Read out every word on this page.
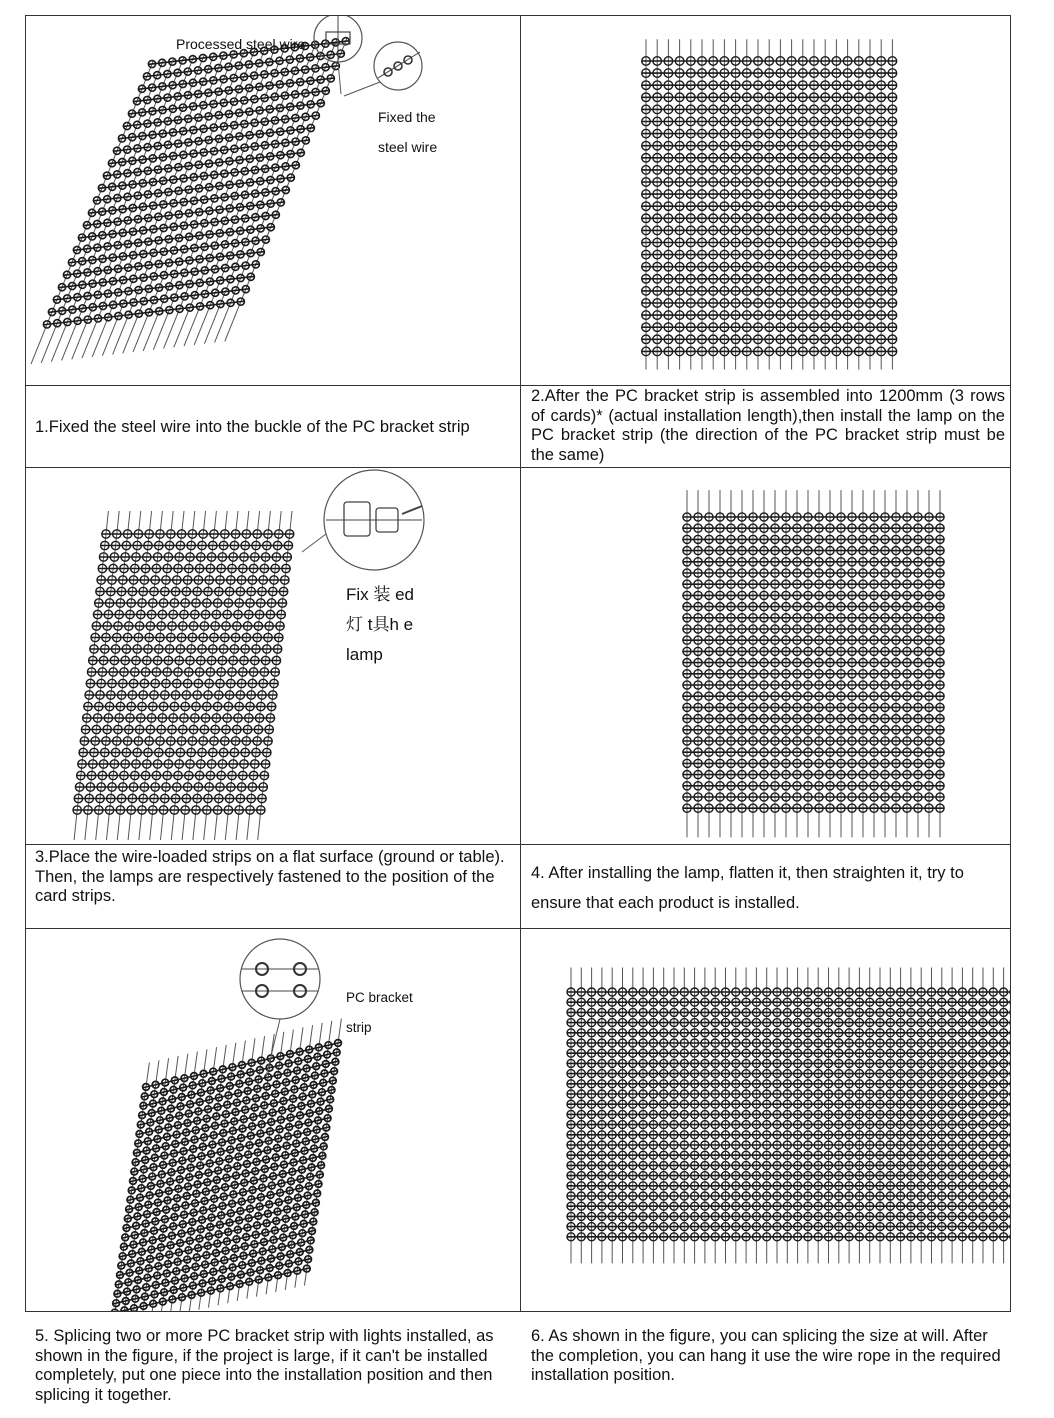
Processed steel wire
Fixed the
steel wire
1.Fixed the steel wire into the buckle of the PC bracket strip
2.After the PC bracket strip is assembled into 1200mm (3 rows of cards)* (actual installation length),then install the lamp on the PC bracket strip (the direction of the PC bracket strip must be the same)
Fix 装 ed
灯 t具h e
lamp
3.Place the wire-loaded strips on a flat surface (ground or table).
Then, the lamps are respectively fastened to the position of the card strips.
4. After installing the lamp, flatten it, then straighten it, try to ensure that each product is installed.
PC bracket
strip
5. Splicing two or more PC bracket strip with lights installed, as shown in the figure, if the project is large, if it can't be installed completely, put one piece into the installation position and then splicing it together.
6. As shown in the figure, you can splicing the size at will. After the completion, you can hang it use the wire rope in the required installation position.
